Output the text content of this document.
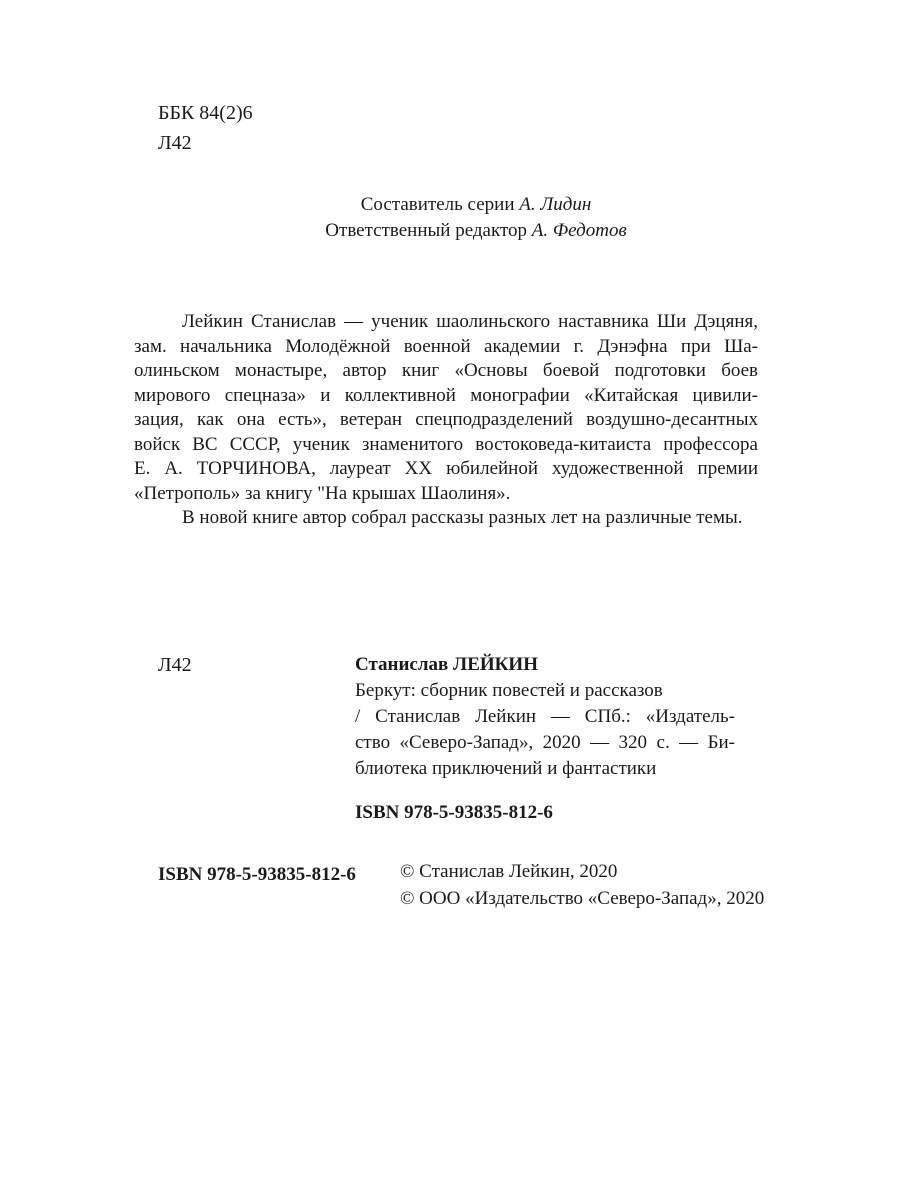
ББК 84(2)6
Л42
Составитель серии А. Лидин
Ответственный редактор А. Федотов

Лейкин Станислав — ученик шаолиньского наставника Ши Дэцяня,
зам. начальника Молодёжной военной академии г. Дэнэфна при Ша-
олиньском монастыре, автор книг «Основы боевой подготовки боев
мирового спецназа» и коллективной монографии «Китайская цивили-
зация, как она есть», ветеран спецподразделений воздушно-десантных
войск ВС СССР, ученик знаменитого востоковеда-китаиста профессора
Е. А. ТОРЧИНОВА, лауреат XX юбилейной художественной премии
«Петрополь» за книгу "На крышах Шаолиня».

В новой книге автор собрал рассказы разных лет на различные темы.

Л42	Станислав ЛЕЙКИН
Беркут: сборник повестей и рассказов
/ Станислав Лейкин — СПб.: «Издатель-
ство «Северо-Запад», 2020 — 320 с. — Би-
блиотека приключений и фантастики
ISBN 978-5-93835-812-6
ISBN 978-5-93835-812-6 © Станислав Лейкин, 2020
© ООО «Издательство «Северо-Запад», 2020
